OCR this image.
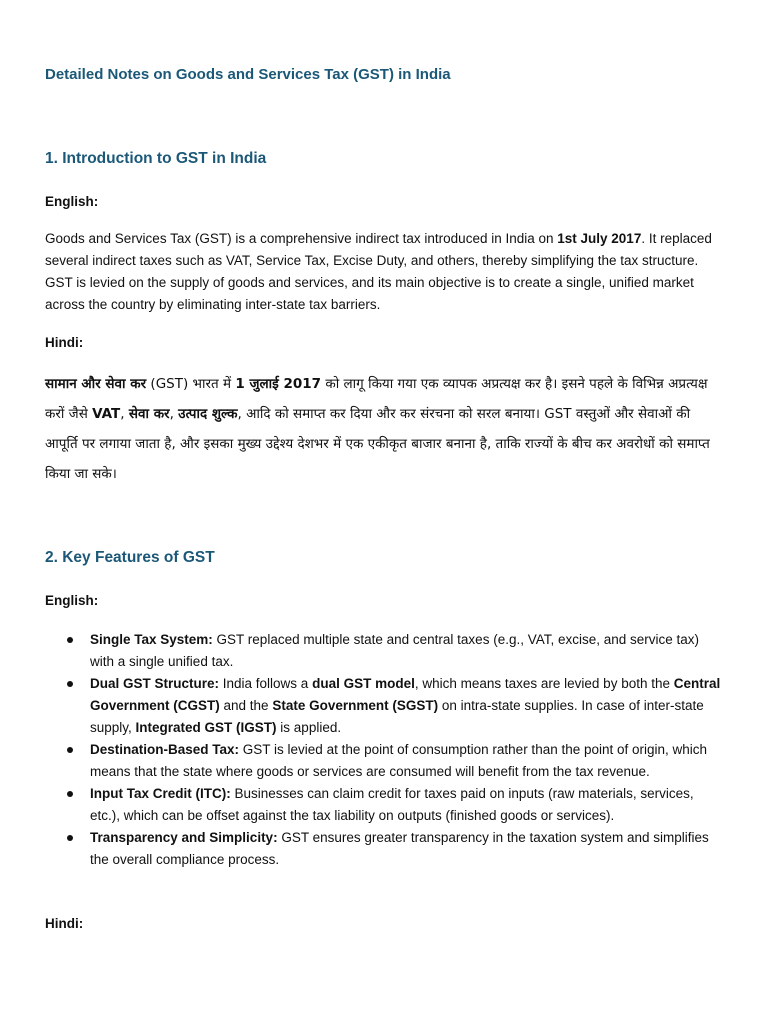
Detailed Notes on Goods and Services Tax (GST) in India
1. Introduction to GST in India

English:

Goods and Services Tax (GST) is a comprehensive indirect tax introduced in India on 1st July 2017. It replaced several indirect taxes such as VAT, Service Tax, Excise Duty, and others, thereby simplifying the tax structure. GST is levied on the supply of goods and services, and its main objective is to create a single, unified market across the country by eliminating inter-state tax barriers.

Hindi:

सामान और सेवा कर (GST) भारत में 1 जुलाई 2017 को लागू किया गया एक व्यापक अप्रत्यक्ष कर है। इसने पहले के विभिन्न अप्रत्यक्ष करों जैसे VAT, सेवा कर, उत्पाद शुल्क, आदि को समाप्त कर दिया और कर संरचना को सरल बनाया। GST वस्तुओं और सेवाओं की आपूर्ति पर लगाया जाता है, और इसका मुख्य उद्देश्य देशभर में एक एकीकृत बाजार बनाना है, ताकि राज्यों के बीच कर अवरोधों को समाप्त किया जा सके।

2. Key Features of GST

English:

Single Tax System: GST replaced multiple state and central taxes (e.g., VAT, excise, and service tax) with a single unified tax.
Dual GST Structure: India follows a dual GST model, which means taxes are levied by both the Central Government (CGST) and the State Government (SGST) on intra-state supplies. In case of inter-state supply, Integrated GST (IGST) is applied.
Destination-Based Tax: GST is levied at the point of consumption rather than the point of origin, which means that the state where goods or services are consumed will benefit from the tax revenue.
Input Tax Credit (ITC): Businesses can claim credit for taxes paid on inputs (raw materials, services, etc.), which can be offset against the tax liability on outputs (finished goods or services).
Transparency and Simplicity: GST ensures greater transparency in the taxation system and simplifies the overall compliance process.

Hindi:
